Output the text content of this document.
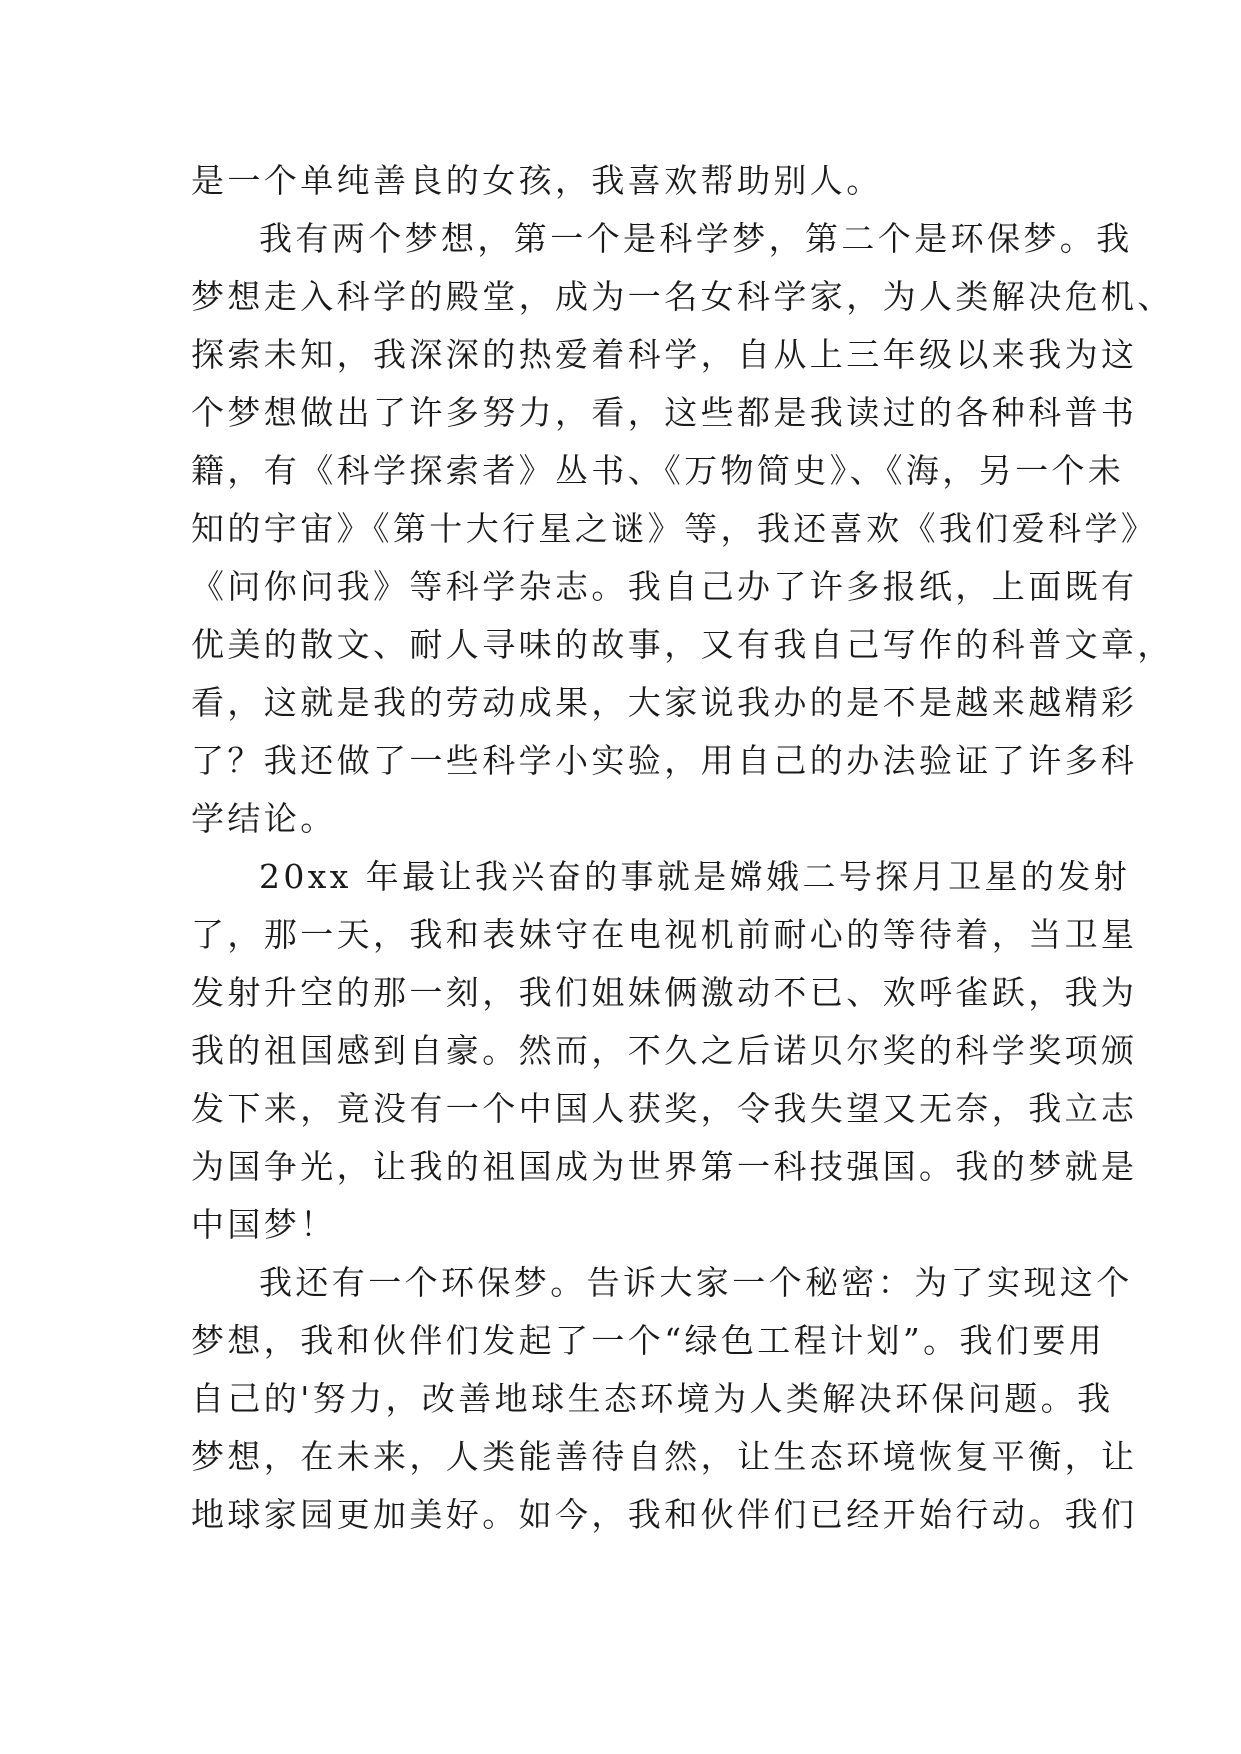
是一个单纯善良的女孩，我喜欢帮助别人。
我有两个梦想，第一个是科学梦，第二个是环保梦。我
梦想走入科学的殿堂，成为一名女科学家，为人类解决危机、
探索未知，我深深的热爱着科学，自从上三年级以来我为这
个梦想做出了许多努力，看，这些都是我读过的各种科普书
籍，有《科学探索者》丛书、《万物简史》、《海，另一个未
知的宇宙》《第十大行星之谜》等，我还喜欢《我们爱科学》
《问你问我》等科学杂志。我自己办了许多报纸，上面既有
优美的散文、耐人寻味的故事，又有我自己写作的科普文章，
看，这就是我的劳动成果，大家说我办的是不是越来越精彩
了？我还做了一些科学小实验，用自己的办法验证了许多科
学结论。
20xx 年最让我兴奋的事就是嫦娥二号探月卫星的发射
了，那一天，我和表妹守在电视机前耐心的等待着，当卫星
发射升空的那一刻，我们姐妹俩激动不已、欢呼雀跃，我为
我的祖国感到自豪。然而，不久之后诺贝尔奖的科学奖项颁
发下来，竟没有一个中国人获奖，令我失望又无奈，我立志
为国争光，让我的祖国成为世界第一科技强国。我的梦就是
中国梦！
我还有一个环保梦。告诉大家一个秘密：为了实现这个
梦想，我和伙伴们发起了一个“绿色工程计划”。我们要用
自己的'努力，改善地球生态环境为人类解决环保问题。我
梦想，在未来，人类能善待自然，让生态环境恢复平衡，让
地球家园更加美好。如今，我和伙伴们已经开始行动。我们
